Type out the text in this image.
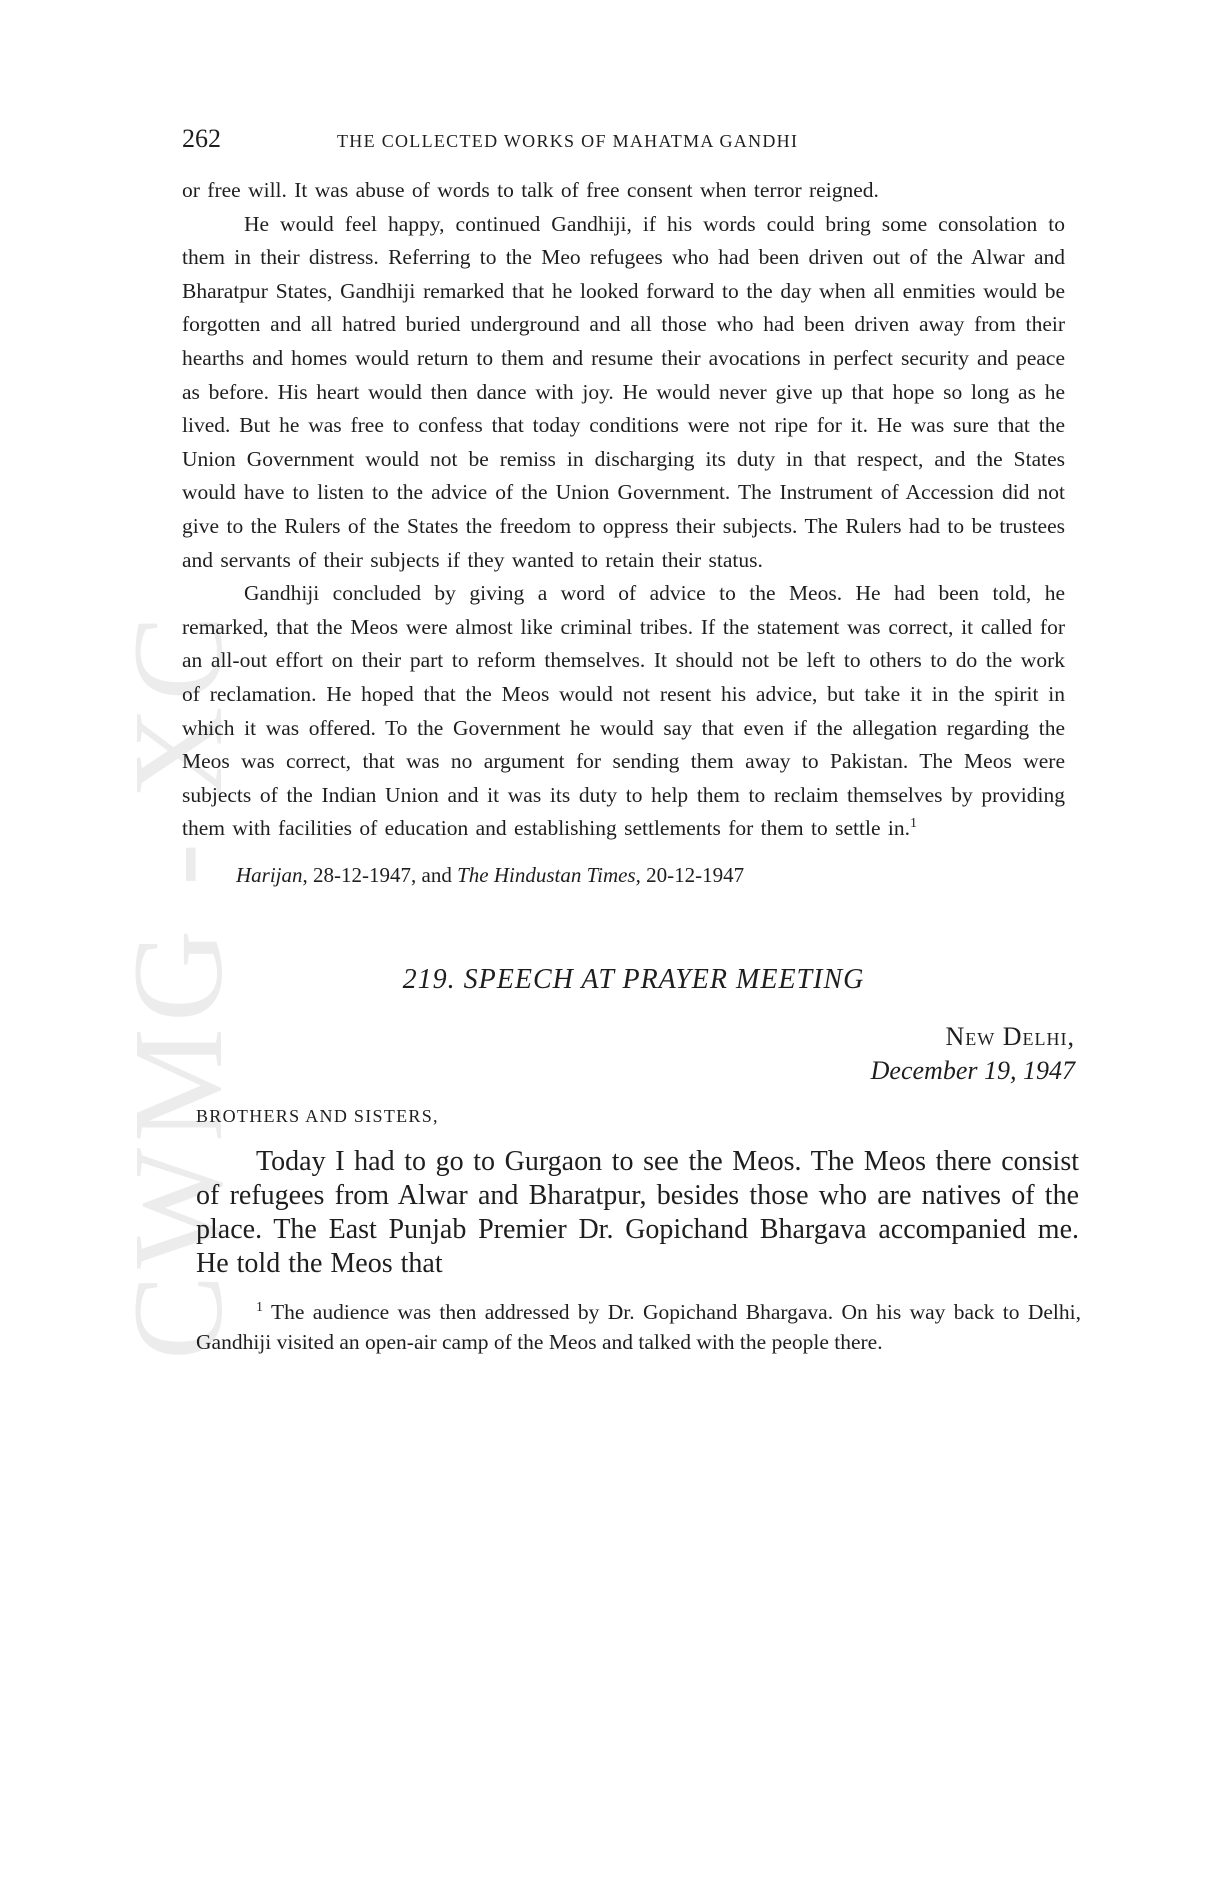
CWMG - XC
262	THE COLLECTED WORKS OF MAHATMA GANDHI

or free will. It was abuse of words to talk of free consent when terror reigned.

He would feel happy, continued Gandhiji, if his words could bring some consolation to them in their distress. Referring to the Meo refugees who had been driven out of the Alwar and Bharatpur States, Gandhiji remarked that he looked forward to the day when all enmities would be forgotten and all hatred buried underground and all those who had been driven away from their hearths and homes would return to them and resume their avocations in perfect security and peace as before. His heart would then dance with joy. He would never give up that hope so long as he lived. But he was free to confess that today conditions were not ripe for it. He was sure that the Union Government would not be remiss in discharging its duty in that respect, and the States would have to listen to the advice of the Union Government. The Instrument of Accession did not give to the Rulers of the States the freedom to oppress their subjects. The Rulers had to be trustees and servants of their subjects if they wanted to retain their status.

Gandhiji concluded by giving a word of advice to the Meos. He had been told, he remarked, that the Meos were almost like criminal tribes. If the statement was correct, it called for an all-out effort on their part to reform themselves. It should not be left to others to do the work of reclamation. He hoped that the Meos would not resent his advice, but take it in the spirit in which it was offered. To the Government he would say that even if the allegation regarding the Meos was correct, that was no argument for sending them away to Pakistan. The Meos were subjects of the Indian Union and it was its duty to help them to reclaim themselves by providing them with facilities of education and establishing settlements for them to settle in.$^1$

Harijan, 28-12-1947, and The Hindustan Times, 20-12-1947
219. SPEECH AT PRAYER MEETING
New Delhi,
December 19, 1947
BROTHERS AND SISTERS,

Today I had to go to Gurgaon to see the Meos. The Meos there consist of refugees from Alwar and Bharatpur, besides those who are natives of the place. The East Punjab Premier Dr. Gopichand Bhargava accompanied me. He told the Meos that

$^1$ The audience was then addressed by Dr. Gopichand Bhargava. On his way back to Delhi, Gandhiji visited an open-air camp of the Meos and talked with the people there.
